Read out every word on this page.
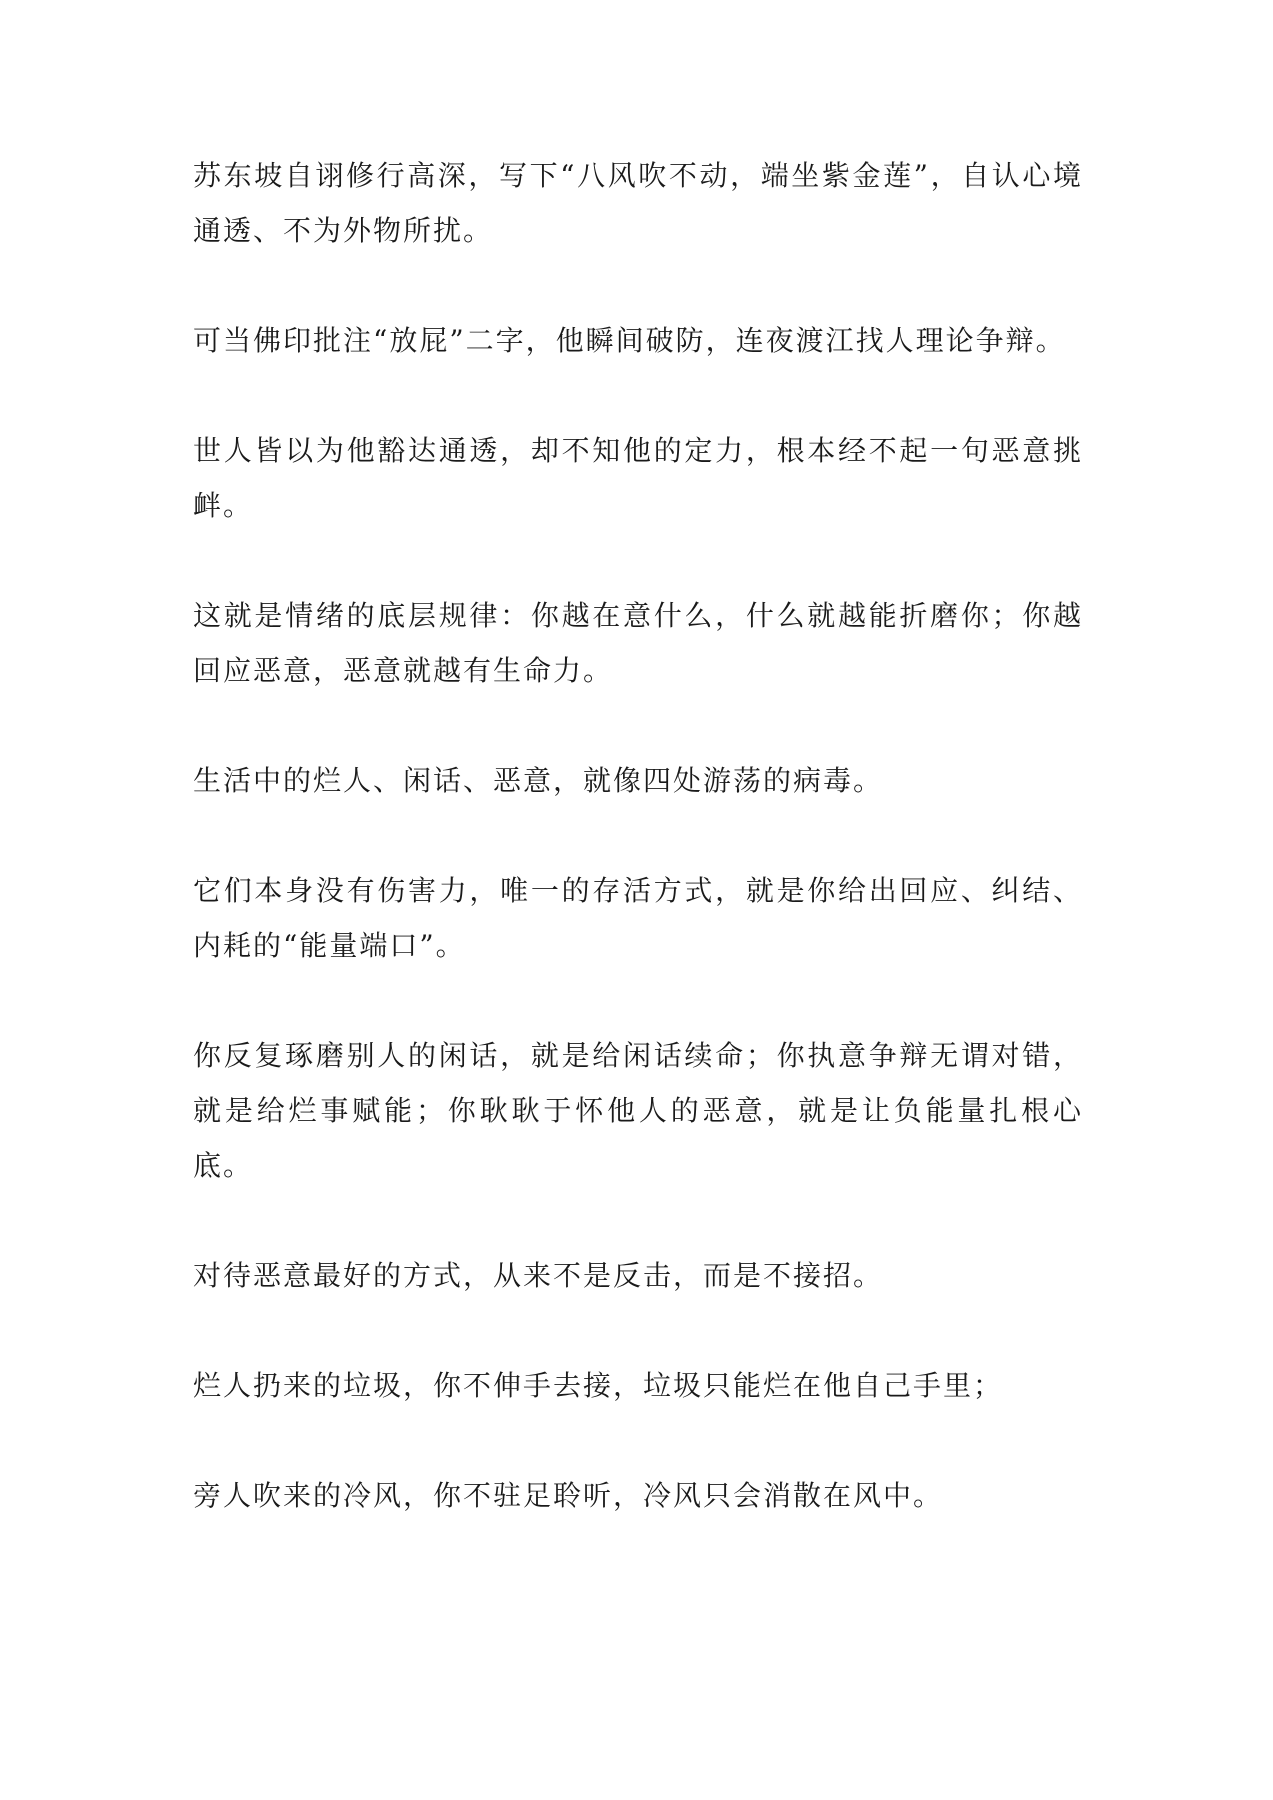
苏东坡自诩修行高深，写下“八风吹不动，端坐紫金莲”，自认心境通透、不为外物所扰。

可当佛印批注“放屁”二字，他瞬间破防，连夜渡江找人理论争辩。

世人皆以为他豁达通透，却不知他的定力，根本经不起一句恶意挑衅。

这就是情绪的底层规律：你越在意什么，什么就越能折磨你；你越回应恶意，恶意就越有生命力。

生活中的烂人、闲话、恶意，就像四处游荡的病毒。

它们本身没有伤害力，唯一的存活方式，就是你给出回应、纠结、内耗的“能量端口”。

你反复琢磨别人的闲话，就是给闲话续命；你执意争辩无谓对错，就是给烂事赋能；你耿耿于怀他人的恶意，就是让负能量扎根心底。

对待恶意最好的方式，从来不是反击，而是不接招。

烂人扔来的垃圾，你不伸手去接，垃圾只能烂在他自己手里；

旁人吹来的冷风，你不驻足聆听，冷风只会消散在风中。
